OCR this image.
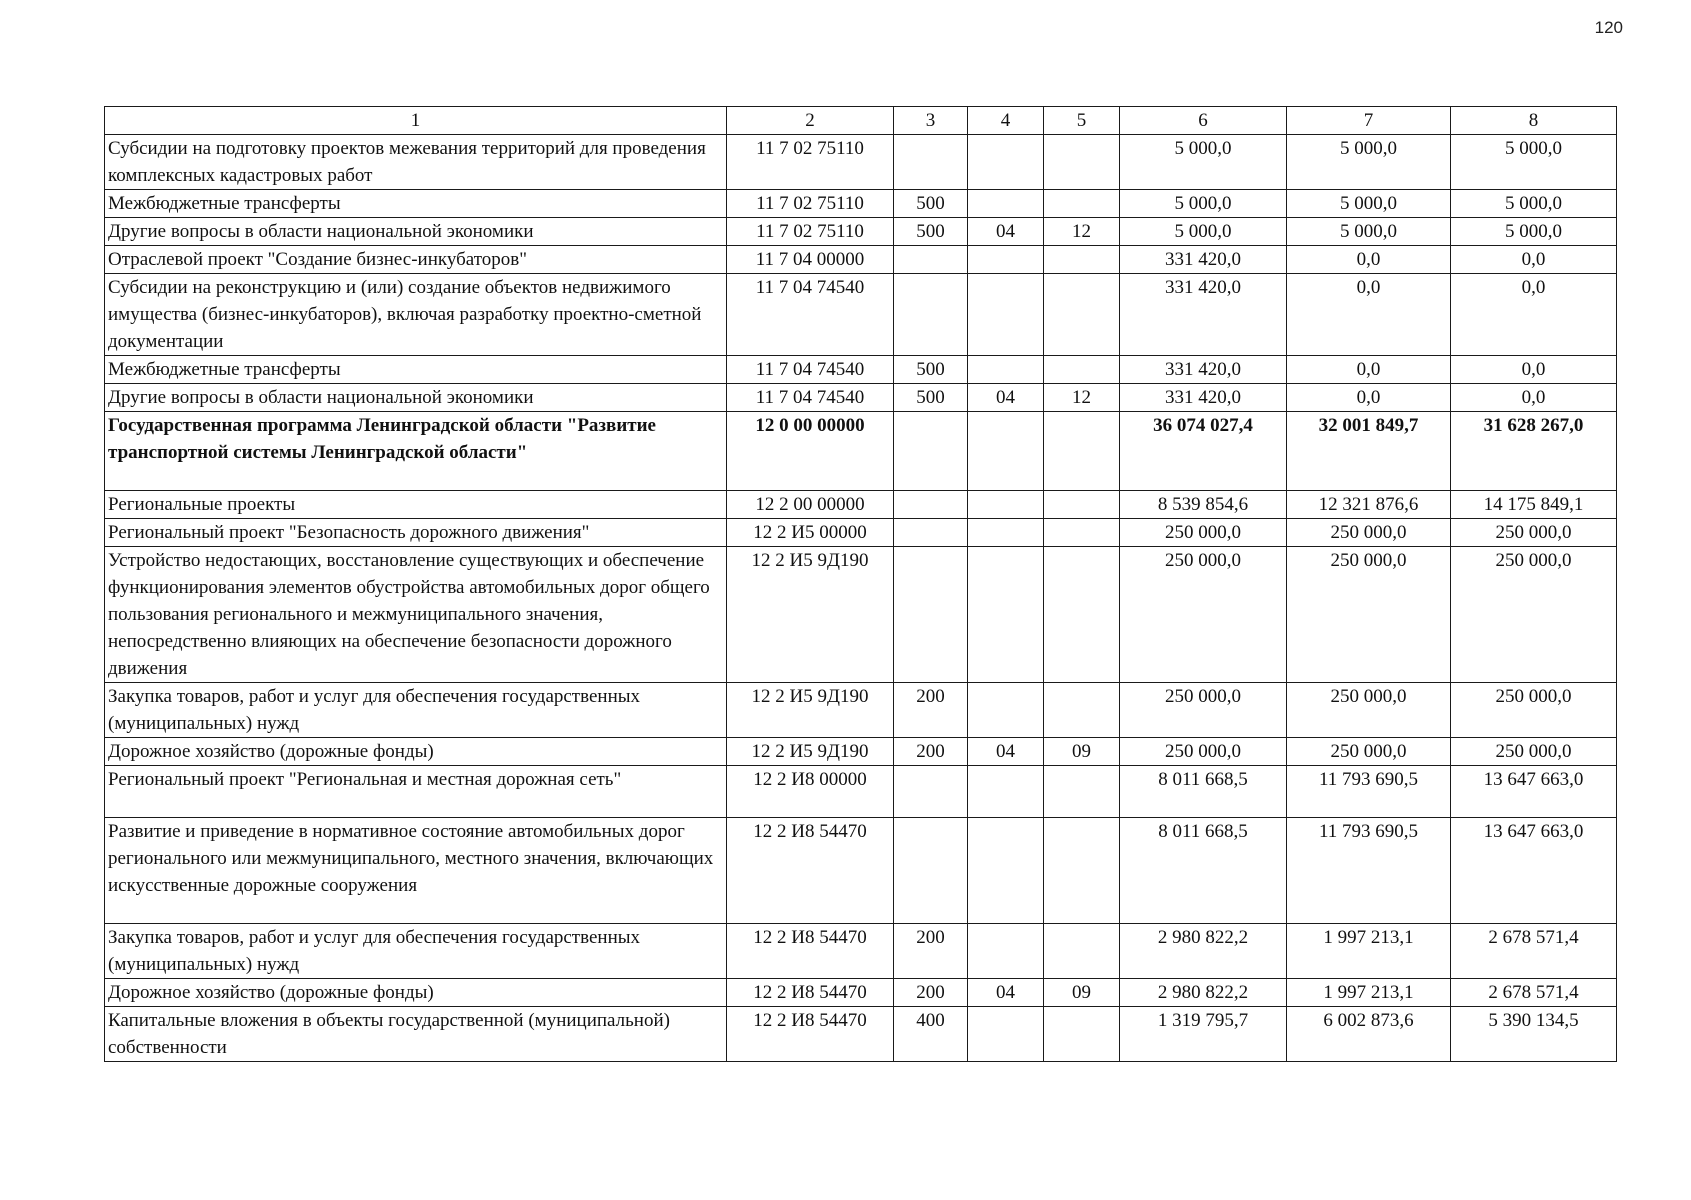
120
1	2	3	4	5	6	7	8
Субсидии на подготовку проектов межевания территорий для проведения комплексных кадастровых работ	11 7 02 75110				5 000,0	5 000,0	5 000,0
Межбюджетные трансферты	11 7 02 75110	500			5 000,0	5 000,0	5 000,0
Другие вопросы в области национальной экономики	11 7 02 75110	500	04	12	5 000,0	5 000,0	5 000,0
Отраслевой проект "Создание бизнес-инкубаторов"	11 7 04 00000				331 420,0	0,0	0,0
Субсидии на реконструкцию и (или) создание объектов недвижимого имущества (бизнес-инкубаторов), включая разработку проектно-сметной документации	11 7 04 74540				331 420,0	0,0	0,0
Межбюджетные трансферты	11 7 04 74540	500			331 420,0	0,0	0,0
Другие вопросы в области национальной экономики	11 7 04 74540	500	04	12	331 420,0	0,0	0,0
Государственная программа Ленинградской области "Развитие транспортной системы Ленинградской области"	12 0 00 00000				36 074 027,4	32 001 849,7	31 628 267,0
Региональные проекты	12 2 00 00000				8 539 854,6	12 321 876,6	14 175 849,1
Региональный проект "Безопасность дорожного движения"	12 2 И5 00000				250 000,0	250 000,0	250 000,0
Устройство недостающих, восстановление существующих и обеспечение функционирования элементов обустройства автомобильных дорог общего пользования регионального и межмуниципального значения, непосредственно влияющих на обеспечение безопасности дорожного движения	12 2 И5 9Д190				250 000,0	250 000,0	250 000,0
Закупка товаров, работ и услуг для обеспечения государственных (муниципальных) нужд	12 2 И5 9Д190	200			250 000,0	250 000,0	250 000,0
Дорожное хозяйство (дорожные фонды)	12 2 И5 9Д190	200	04	09	250 000,0	250 000,0	250 000,0
Региональный проект "Региональная и местная дорожная сеть"	12 2 И8 00000				8 011 668,5	11 793 690,5	13 647 663,0
Развитие и приведение в нормативное состояние автомобильных дорог регионального или межмуниципального, местного значения, включающих искусственные дорожные сооружения	12 2 И8 54470				8 011 668,5	11 793 690,5	13 647 663,0
Закупка товаров, работ и услуг для обеспечения государственных (муниципальных) нужд	12 2 И8 54470	200			2 980 822,2	1 997 213,1	2 678 571,4
Дорожное хозяйство (дорожные фонды)	12 2 И8 54470	200	04	09	2 980 822,2	1 997 213,1	2 678 571,4
Капитальные вложения в объекты государственной (муниципальной) собственности	12 2 И8 54470	400			1 319 795,7	6 002 873,6	5 390 134,5
